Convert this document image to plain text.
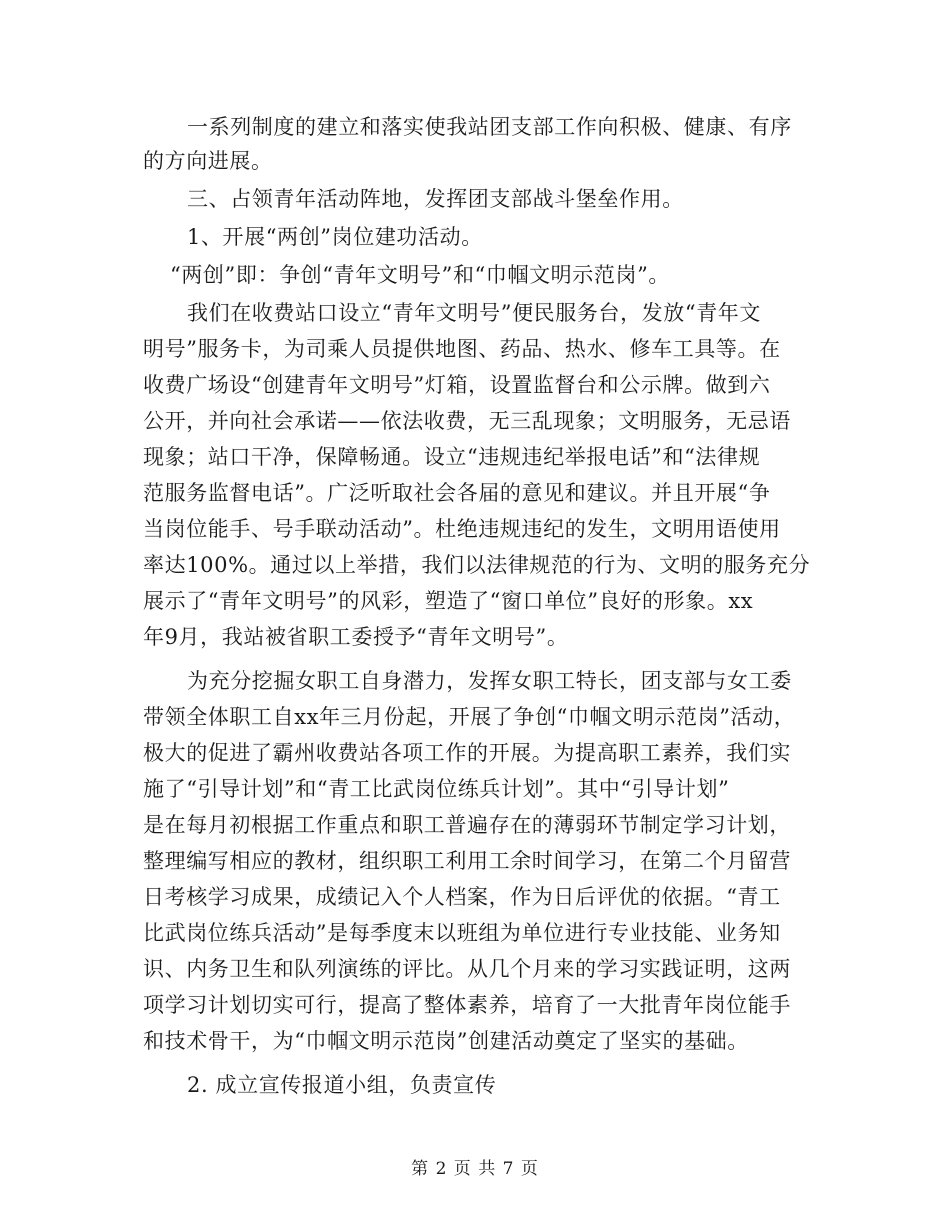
一系列制度的建立和落实使我站团支部工作向积极、健康、有序
的方向进展。
三、占领青年活动阵地，发挥团支部战斗堡垒作用。
1、开展“两创”岗位建功活动。
“两创”即：争创“青年文明号”和“巾帼文明示范岗”。
我们在收费站口设立“青年文明号”便民服务台，发放“青年文
明号”服务卡，为司乘人员提供地图、药品、热水、修车工具等。在
收费广场设“创建青年文明号”灯箱，设置监督台和公示牌。做到六
公开，并向社会承诺——依法收费，无三乱现象；文明服务，无忌语
现象；站口干净，保障畅通。设立“违规违纪举报电话”和“法律规
范服务监督电话”。广泛听取社会各届的意见和建议。并且开展“争
当岗位能手、号手联动活动”。杜绝违规违纪的发生，文明用语使用
率达100%。通过以上举措，我们以法律规范的行为、文明的服务充分
展示了“青年文明号”的风彩，塑造了“窗口单位”良好的形象。xx
年9月，我站被省职工委授予“青年文明号”。
为充分挖掘女职工自身潜力，发挥女职工特长，团支部与女工委
带领全体职工自xx年三月份起，开展了争创“巾帼文明示范岗”活动，
极大的促进了霸州收费站各项工作的开展。为提高职工素养，我们实
施了“引导计划”和“青工比武岗位练兵计划”。其中“引导计划”
是在每月初根据工作重点和职工普遍存在的薄弱环节制定学习计划，
整理编写相应的教材，组织职工利用工余时间学习，在第二个月留营
日考核学习成果，成绩记入个人档案，作为日后评优的依据。“青工
比武岗位练兵活动”是每季度末以班组为单位进行专业技能、业务知
识、内务卫生和队列演练的评比。从几个月来的学习实践证明，这两
项学习计划切实可行，提高了整体素养，培育了一大批青年岗位能手
和技术骨干，为“巾帼文明示范岗”创建活动奠定了坚实的基础。
2. 成立宣传报道小组，负责宣传
第 2 页 共 7 页
